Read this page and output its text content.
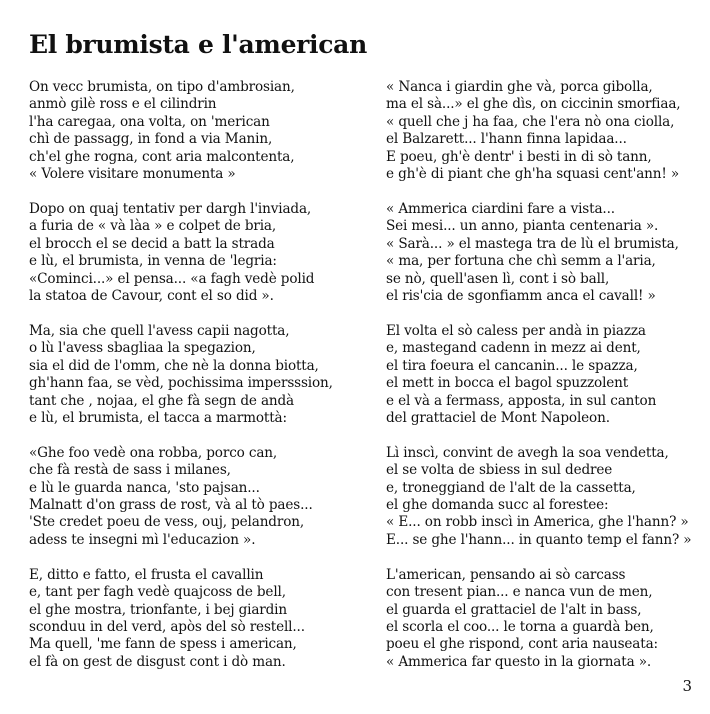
El brumista e l'american
On vecc brumista, on tipo d'ambrosian,
anmò gilè ross e el cilindrin
l'ha caregaa, ona volta, on 'merican
chì de passagg, in fond a via Manin,
ch'el ghe rogna, cont aria malcontenta,
« Volere visitare monumenta »
Dopo on quaj tentativ per dargh l'inviada,
a furia de « và làa » e colpet de bria,
el brocch el se decid a batt la strada
e lù, el brumista, in venna de 'legria:
«Cominci...» el pensa... «a fagh vedè polid
la statoa de Cavour, cont el so did ».
Ma, sia che quell l'avess capii nagotta,
o lù l'avess sbagliaa la spegazion,
sia el did de l'omm, che nè la donna biotta,
gh'hann faa, se vèd, pochissima impersssion,
tant che , nojaa, el ghe fà segn de andà
e lù, el brumista, el tacca a marmottà:
«Ghe foo vedè ona robba, porco can,
che fà restà de sass i milanes,
e lù le guarda nanca, 'sto pajsan...
Malnatt d'on grass de rost, và al tò paes...
'Ste credet poeu de vess, ouj, pelandron,
adess te insegni mì l'educazion ».
E, ditto e fatto, el frusta el cavallin
e, tant per fagh vedè quajcoss de bell,
el ghe mostra, trionfante, i bej giardin
sconduu in del verd, apòs del sò restell...
Ma quell, 'me fann de spess i american,
el fà on gest de disgust cont i dò man.
« Nanca i giardin ghe và, porca gibolla,
ma el sà...» el ghe dìs, on ciccinin smorfiaa,
« quell che j ha faa, che l'era nò ona ciolla,
el Balzarett... l'hann finna lapidaa...
E poeu, gh'è dentr' i besti in di sò tann,
e gh'è di piant che gh'ha squasi cent'ann! »
« Ammerica ciardini fare a vista...
Sei mesi... un anno, pianta centenaria ».
« Sarà... » el mastega tra de lù el brumista,
« ma, per fortuna che chì semm a l'aria,
se nò, quell'asen lì, cont i sò ball,
el ris'cia de sgonfiamm anca el cavall! »
El volta el sò caless per andà in piazza
e, mastegand cadenn in mezz ai dent,
el tira foeura el cancanin... le spazza,
el mett in bocca el bagol spuzzolent
e el và a fermass, apposta, in sul canton
del grattaciel de Mont Napoleon.
Lì inscì, convint de avegh la soa vendetta,
el se volta de sbiess in sul dedree
e, troneggiand de l'alt de la cassetta,
el ghe domanda succ al forestee:
« E... on robb inscì in America, ghe l'hann? »
E... se ghe l'hann... in quanto temp el fann? »
L'american, pensando ai sò carcass
con tresent pian... e nanca vun de men,
el guarda el grattaciel de l'alt in bass,
el scorla el coo... le torna a guardà ben,
poeu el ghe rispond, cont aria nauseata:
« Ammerica far questo in la giornata ».
3
